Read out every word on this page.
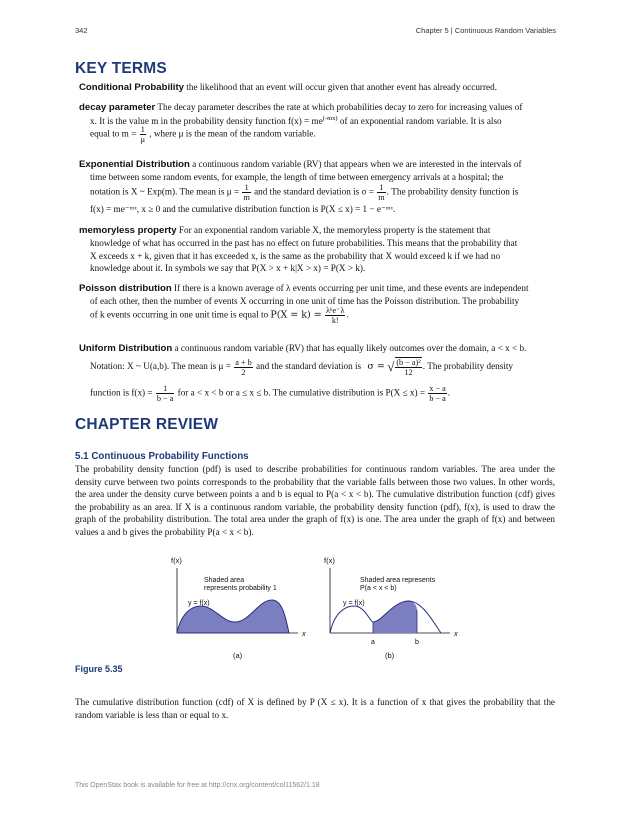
342	Chapter 5 | Continuous Random Variables
KEY TERMS
Conditional Probability the likelihood that an event will occur given that another event has already occurred.
decay parameter The decay parameter describes the rate at which probabilities decay to zero for increasing values of
x. It is the value m in the probability density function $f(x) = me^{(-mx)}$ of an exponential random variable. It is also
equal to $m = \frac{1}{\mu}$ , where μ is the mean of the random variable.
Exponential Distribution a continuous random variable (RV) that appears when we are interested in the intervals of
time between some random events, for example, the length of time between emergency arrivals at a hospital; the
notation is X ~ Exp(m). The mean is $\mu = \frac{1}{m}$ and the standard deviation is $\sigma = \frac{1}{m}$ . The probability density function is
f(x) = me⁻ᵐˣ, x ≥ 0 and the cumulative distribution function is P(X ≤ x) = 1 − e⁻ᵐˣ.
memoryless property For an exponential random variable X, the memoryless property is the statement that
knowledge of what has occurred in the past has no effect on future probabilities. This means that the probability that
X exceeds x + k, given that it has exceeded x, is the same as the probability that X would exceed k if we had no
knowledge about it. In symbols we say that P(X > x + k|X > x) = P(X > k).
Poisson distribution If there is a known average of λ events occurring per unit time, and these events are independent
of each other, then the number of events X occurring in one unit of time has the Poisson distribution. The probability
of k events occurring in one unit time is equal to $P(X = k) = \frac{\text{λᵏe⁻λ}}{k!}$ .
Uniform Distribution a continuous random variable (RV) that has equally likely outcomes over the domain, a < x < b.
Notation: X ~ U(a,b). The mean is $\mu = \frac{a + b}{2}$ and the standard deviation is σ = √ $\frac{\text{(b − a)²}}{12}$ . The probability density
function is $f(x) = \frac{1}{b - a}$ for a < x < b or a ≤ x ≤ b. The cumulative distribution is $P(X \le x) = \frac{x - a}{b - a}$ .
CHAPTER REVIEW
5.1 Continuous Probability Functions
The probability density function (pdf) is used to describe probabilities for continuous random variables. The area under the density curve between two points corresponds to the probability that the variable falls between those two values. In other words, the area under the density curve between points a and b is equal to P(a < x < b). The cumulative distribution function (cdf) gives the probability as an area. If X is a continuous random variable, the probability density function (pdf), f(x), is used to draw the graph of the probability distribution. The total area under the graph of f(x) is one. The area under the graph of f(x) and between values a and b gives the probability P(a < x < b).
f(x)
x
Shaded area
represents probability 1
y = f(x)
(a)
f(x)
x
Shaded area represents
P(a < x < b)
y = f(x)
a	b
(b)
Figure 5.35
The cumulative distribution function (cdf) of X is defined by P (X ≤ x). It is a function of x that gives the probability that the random variable is less than or equal to x.
This OpenStax book is available for free at http://cnx.org/content/col11562/1.18
